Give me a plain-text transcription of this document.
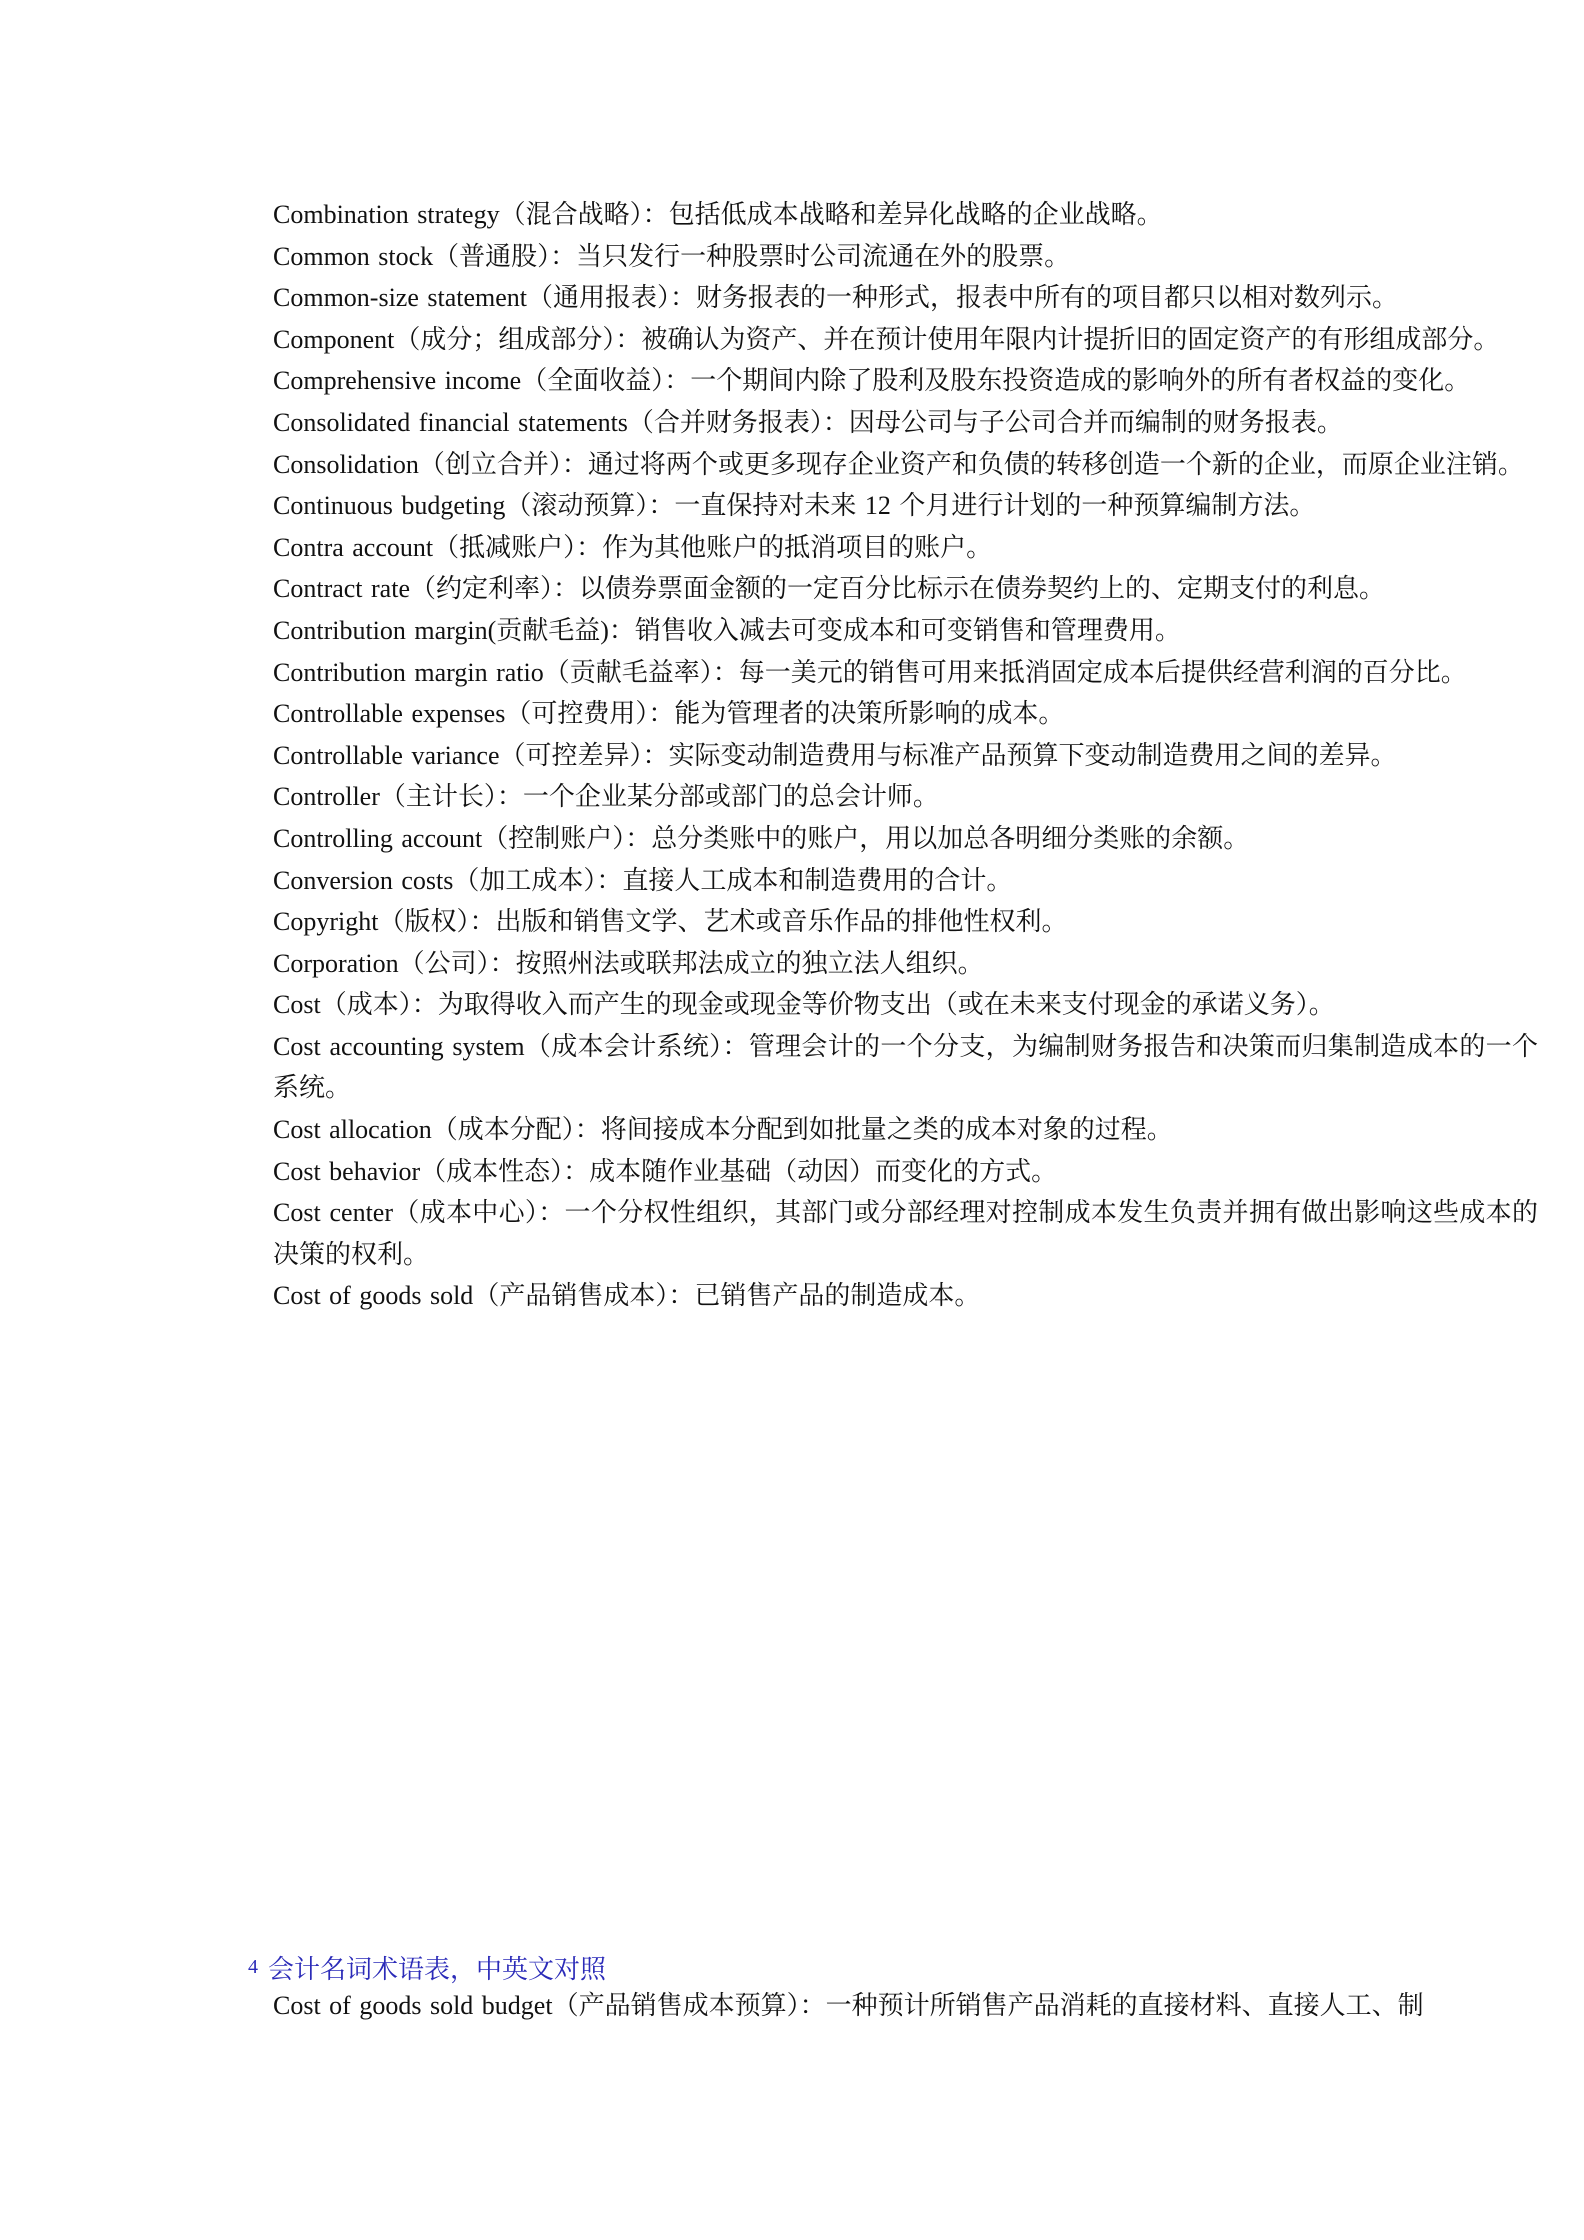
Combination strategy（混合战略）：包括低成本战略和差异化战略的企业战略。

Common stock（普通股）：当只发行一种股票时公司流通在外的股票。

Common-size statement（通用报表）：财务报表的一种形式，报表中所有的项目都只以相对数列示。

Component（成分；组成部分）：被确认为资产、并在预计使用年限内计提折旧的固定资产的有形组成部分。

Comprehensive income（全面收益）：一个期间内除了股利及股东投资造成的影响外的所有者权益的变化。

Consolidated financial statements（合并财务报表）：因母公司与子公司合并而编制的财务报表。

Consolidation（创立合并）：通过将两个或更多现存企业资产和负债的转移创造一个新的企业，而原企业注销。

Continuous budgeting（滚动预算）：一直保持对未来 12 个月进行计划的一种预算编制方法。

Contra account（抵减账户）：作为其他账户的抵消项目的账户。

Contract rate（约定利率）：以债券票面金额的一定百分比标示在债券契约上的、定期支付的利息。

Contribution margin(贡献毛益)：销售收入减去可变成本和可变销售和管理费用。

Contribution margin ratio（贡献毛益率）：每一美元的销售可用来抵消固定成本后提供经营利润的百分比。

Controllable expenses（可控费用）：能为管理者的决策所影响的成本。

Controllable variance（可控差异）：实际变动制造费用与标准产品预算下变动制造费用之间的差异。

Controller（主计长）：一个企业某分部或部门的总会计师。

Controlling account（控制账户）：总分类账中的账户，用以加总各明细分类账的余额。

Conversion costs（加工成本）：直接人工成本和制造费用的合计。

Copyright（版权）：出版和销售文学、艺术或音乐作品的排他性权利。

Corporation（公司）：按照州法或联邦法成立的独立法人组织。

Cost（成本）：为取得收入而产生的现金或现金等价物支出（或在未来支付现金的承诺义务）。

Cost accounting system（成本会计系统）：管理会计的一个分支，为编制财务报告和决策而归集制造成本的一个系统。

Cost allocation（成本分配）：将间接成本分配到如批量之类的成本对象的过程。

Cost behavior（成本性态）：成本随作业基础（动因）而变化的方式。

Cost center（成本中心）：一个分权性组织，其部门或分部经理对控制成本发生负责并拥有做出影响这些成本的决策的权利。

Cost of goods sold（产品销售成本）：已销售产品的制造成本。

4 会计名词术语表，中英文对照

Cost of goods sold budget（产品销售成本预算）：一种预计所销售产品消耗的直接材料、直接人工、制
